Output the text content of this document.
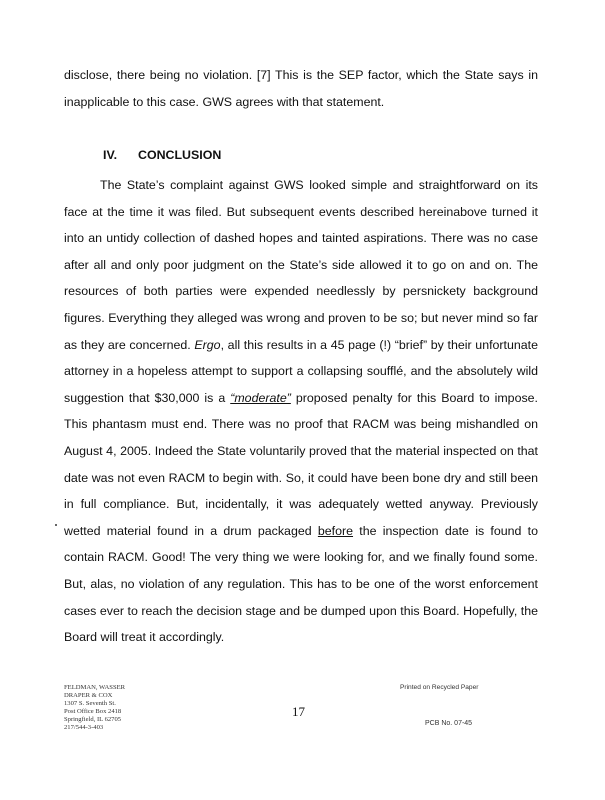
disclose, there being no violation. [7] This is the SEP factor, which the State says in inapplicable to this case. GWS agrees with that statement.

IV. CONCLUSION

The State’s complaint against GWS looked simple and straightforward on its face at the time it was filed. But subsequent events described hereinabove turned it into an untidy collection of dashed hopes and tainted aspirations. There was no case after all and only poor judgment on the State’s side allowed it to go on and on. The resources of both parties were expended needlessly by persnickety background figures. Everything they alleged was wrong and proven to be so; but never mind so far as they are concerned. Ergo, all this results in a 45 page (!) “brief” by their unfortunate attorney in a hopeless attempt to support a collapsing soufflé, and the absolutely wild suggestion that $30,000 is a “moderate” proposed penalty for this Board to impose. This phantasm must end. There was no proof that RACM was being mishandled on August 4, 2005. Indeed the State voluntarily proved that the material inspected on that date was not even RACM to begin with. So, it could have been bone dry and still been in full compliance. But, incidentally, it was adequately wetted anyway. Previously wetted material found in a drum packaged before the inspection date is found to contain RACM. Good! The very thing we were looking for, and we finally found some. But, alas, no violation of any regulation. This has to be one of the worst enforcement cases ever to reach the decision stage and be dumped upon this Board. Hopefully, the Board will treat it accordingly.

FELDMAN, WASSER
DRAPER & COX
1307 S. Seventh St.
Post Office Box 2418
Springfield, IL 62705
217/544-3-403
17
Printed on Recycled Paper
PCB No. 07-45
